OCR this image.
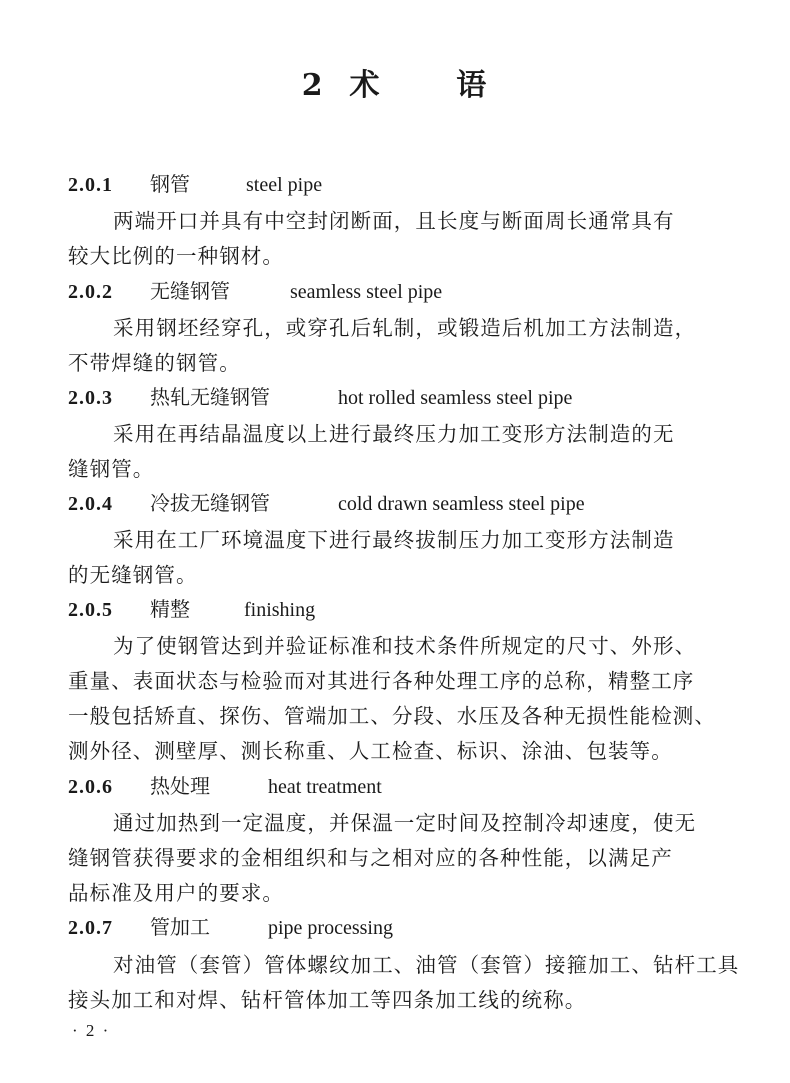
2  术      语
2.0.1 钢管	steel pipe
两端开口并具有中空封闭断面，且长度与断面周长通常具有
较大比例的一种钢材。
2.0.2 无缝钢管	seamless steel pipe
采用钢坯经穿孔，或穿孔后轧制，或锻造后机加工方法制造，
不带焊缝的钢管。
2.0.3 热轧无缝钢管	hot rolled seamless steel pipe
采用在再结晶温度以上进行最终压力加工变形方法制造的无
缝钢管。
2.0.4 冷拔无缝钢管	cold drawn seamless steel pipe
采用在工厂环境温度下进行最终拔制压力加工变形方法制造
的无缝钢管。
2.0.5 精整	finishing
为了使钢管达到并验证标准和技术条件所规定的尺寸、外形、
重量、表面状态与检验而对其进行各种处理工序的总称，精整工序
一般包括矫直、探伤、管端加工、分段、水压及各种无损性能检测、
测外径、测壁厚、测长称重、人工检查、标识、涂油、包装等。
2.0.6 热处理	heat treatment
通过加热到一定温度，并保温一定时间及控制冷却速度，使无
缝钢管获得要求的金相组织和与之相对应的各种性能，以满足产
品标准及用户的要求。
2.0.7 管加工	pipe processing
对油管（套管）管体螺纹加工、油管（套管）接箍加工、钻杆工具
接头加工和对焊、钻杆管体加工等四条加工线的统称。
· 2 ·
